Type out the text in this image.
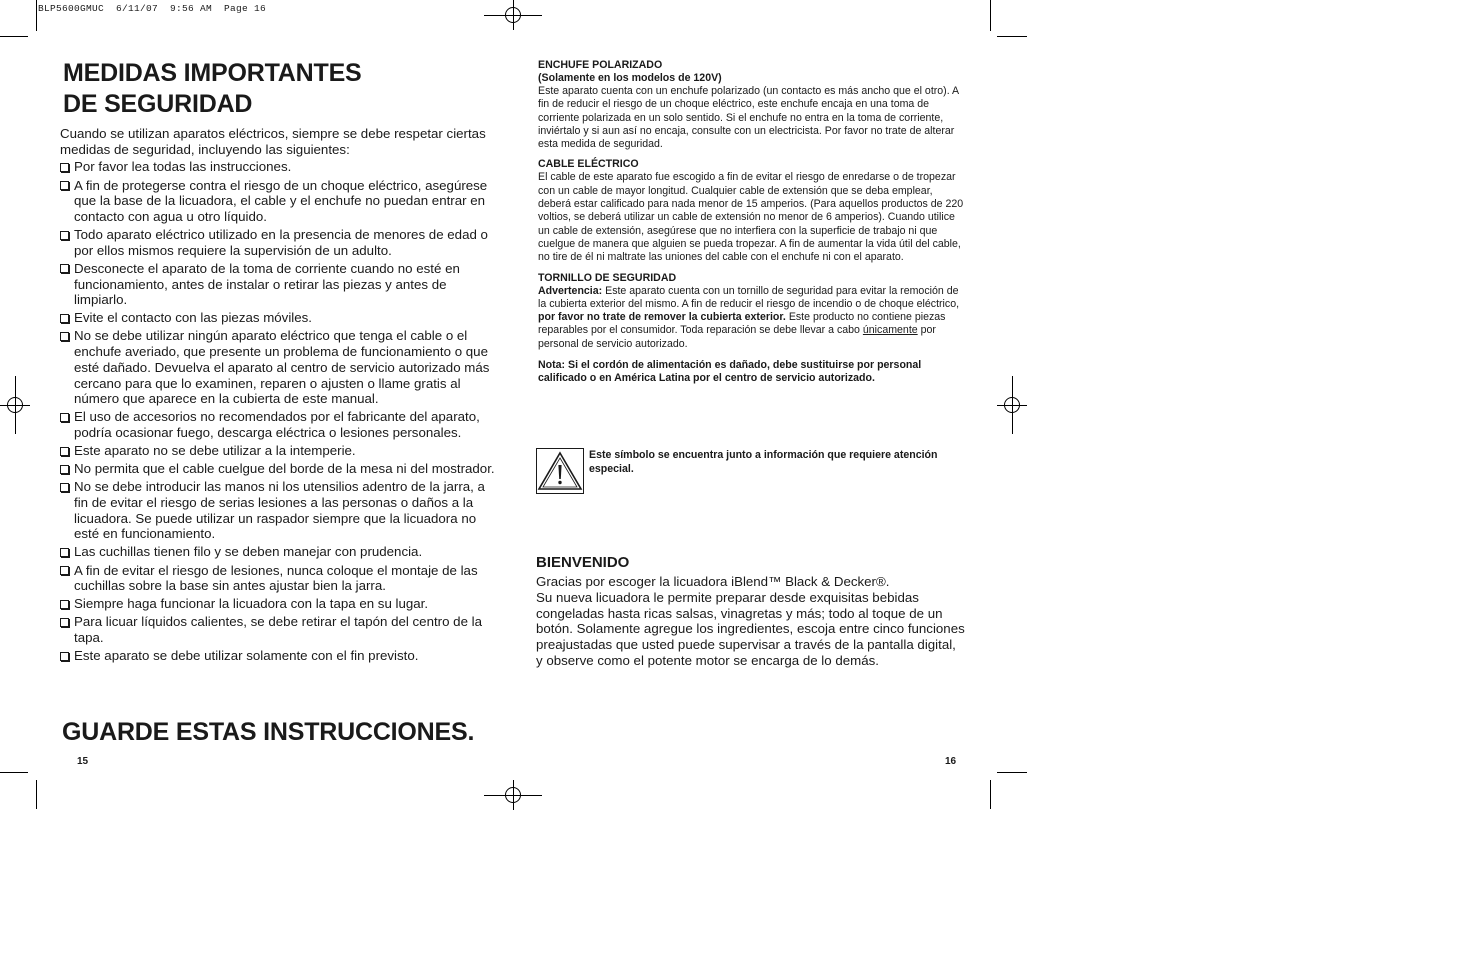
BLP5600GMUC  6/11/07  9:56 AM  Page 16
MEDIDAS IMPORTANTES
DE SEGURIDAD

Cuando se utilizan aparatos eléctricos, siempre se debe respetar ciertas medidas de seguridad, incluyendo las siguientes:

Por favor lea todas las instrucciones.
A fin de protegerse contra el riesgo de un choque eléctrico, asegúrese que la base de la licuadora, el cable y el enchufe no puedan entrar en contacto con agua u otro líquido.
Todo aparato eléctrico utilizado en la presencia de menores de edad o por ellos mismos requiere la supervisión de un adulto.
Desconecte el aparato de la toma de corriente cuando no esté en funcionamiento, antes de instalar o retirar las piezas y antes de limpiarlo.
Evite el contacto con las piezas móviles.
No se debe utilizar ningún aparato eléctrico que tenga el cable o el enchufe averiado, que presente un problema de funcionamiento o que esté dañado. Devuelva el aparato al centro de servicio autorizado más cercano para que lo examinen, reparen o ajusten o llame gratis al número que aparece en la cubierta de este manual.
El uso de accesorios no recomendados por el fabricante del aparato, podría ocasionar fuego, descarga eléctrica o lesiones personales.
Este aparato no se debe utilizar a la intemperie.
No permita que el cable cuelgue del borde de la mesa ni del mostrador.
No se debe introducir las manos ni los utensilios adentro de la jarra, a fin de evitar el riesgo de serias lesiones a las personas o daños a la licuadora. Se puede utilizar un raspador siempre que la licuadora no esté en funcionamiento.
Las cuchillas tienen filo y se deben manejar con prudencia.
A fin de evitar el riesgo de lesiones, nunca coloque el montaje de las cuchillas sobre la base sin antes ajustar bien la jarra.
Siempre haga funcionar la licuadora con la tapa en su lugar.
Para licuar líquidos calientes, se debe retirar el tapón del centro de la tapa.
Este aparato se debe utilizar solamente con el fin previsto.
GUARDE ESTAS INSTRUCCIONES.
15

ENCHUFE POLARIZADO

(Solamente en los modelos de 120V)

Este aparato cuenta con un enchufe polarizado (un contacto es más ancho que el otro). A fin de reducir el riesgo de un choque eléctrico, este enchufe encaja en una toma de corriente polarizada en un solo sentido. Si el enchufe no entra en la toma de corriente, inviértalo y si aun así no encaja, consulte con un electricista. Por favor no trate de alterar esta medida de seguridad.

CABLE ELÉCTRICO

El cable de este aparato fue escogido a fin de evitar el riesgo de enredarse o de tropezar con un cable de mayor longitud. Cualquier cable de extensión que se deba emplear, deberá estar calificado para nada menor de 15 amperios. (Para aquellos productos de 220 voltios, se deberá utilizar un cable de extensión no menor de 6 amperios). Cuando utilice un cable de extensión, asegúrese que no interfiera con la superficie de trabajo ni que cuelgue de manera que alguien se pueda tropezar. A fin de aumentar la vida útil del cable, no tire de él ni maltrate las uniones del cable con el enchufe ni con el aparato.

TORNILLO DE SEGURIDAD

Advertencia: Este aparato cuenta con un tornillo de seguridad para evitar la remoción de la cubierta exterior del mismo. A fin de reducir el riesgo de incendio o de choque eléctrico, por favor no trate de remover la cubierta exterior. Este producto no contiene piezas reparables por el consumidor. Toda reparación se debe llevar a cabo únicamente por personal de servicio autorizado.

Nota: Si el cordón de alimentación es dañado, debe sustituirse por personal calificado o en América Latina por el centro de servicio autorizado.

Este símbolo se encuentra junto a información que requiere atención especial.
BIENVENIDO

Gracias por escoger la licuadora iBlend™ Black & Decker®.
Su nueva licuadora le permite preparar desde exquisitas bebidas congeladas hasta ricas salsas, vinagretas y más; todo al toque de un botón. Solamente agregue los ingredientes, escoja entre cinco funciones preajustadas que usted puede supervisar a través de la pantalla digital, y observe como el potente motor se encarga de lo demás.

16
